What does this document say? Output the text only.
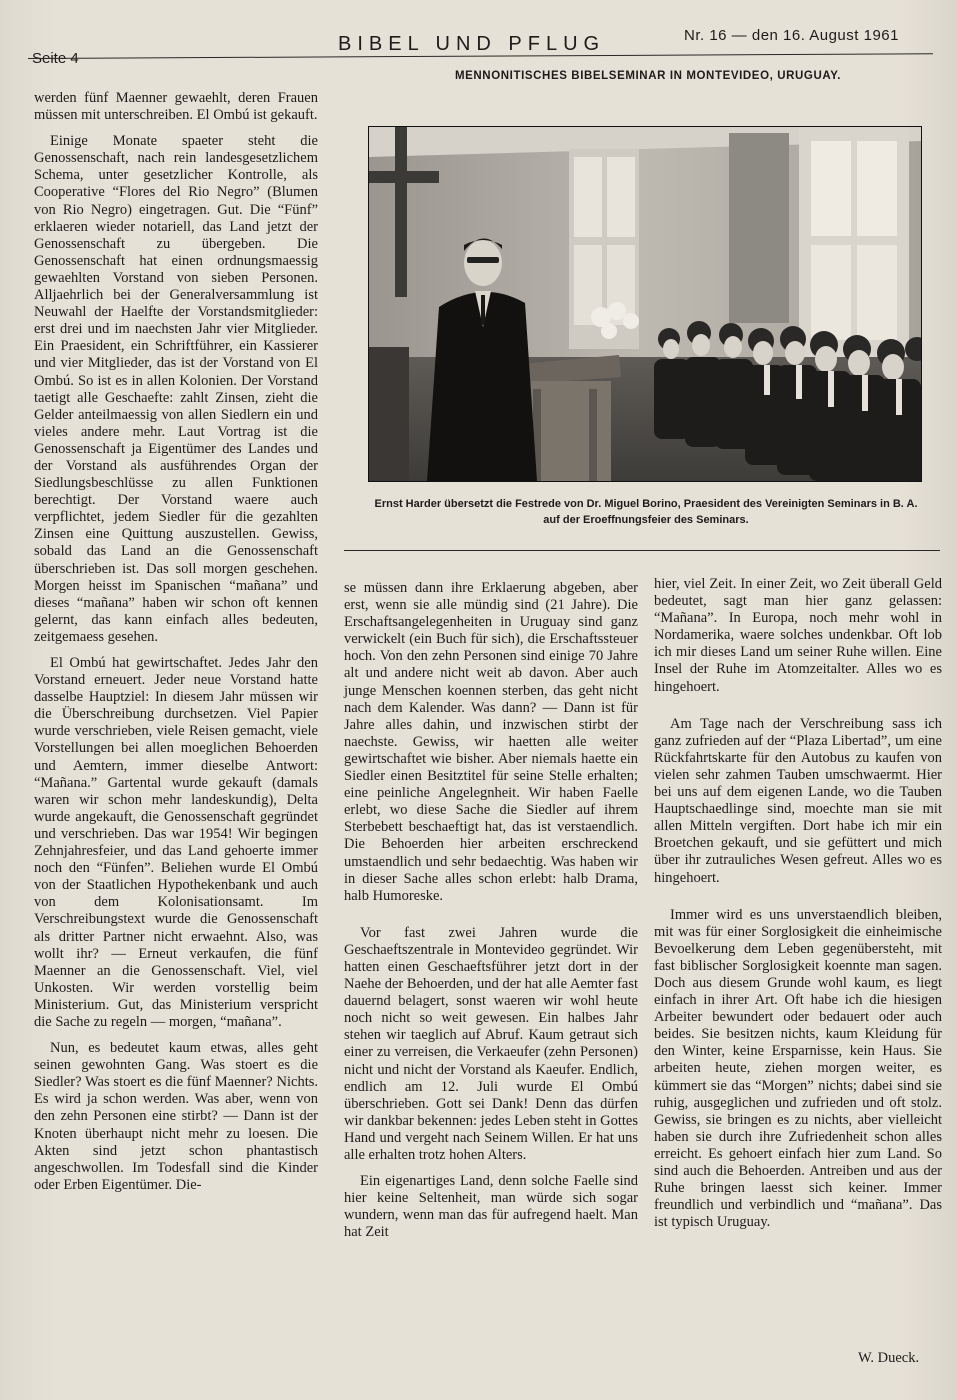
Seite 4
BIBEL UND PFLUG	Nr. 16 — den 16. August 1961
MENNONITISCHES BIBELSEMINAR IN MONTEVIDEO, URUGUAY.
Ernst Harder übersetzt die Festrede von Dr. Miguel Borino, Praesident des Vereinigten Seminars in B. A. auf der Eroeffnungsfeier des Seminars.

werden fünf Maenner gewaehlt, deren Frauen müssen mit unterschreiben. El Ombú ist gekauft.

Einige Monate spaeter steht die Genossenschaft, nach rein landesgesetzlichem Schema, unter gesetzlicher Kontrolle, als Cooperative “Flores del Rio Negro” (Blumen von Rio Negro) eingetragen. Gut. Die “Fünf” erklaeren wieder notariell, das Land jetzt der Genossenschaft zu übergeben. Die Genossenschaft hat einen ordnungsmaessig gewaehlten Vorstand von sieben Personen. Alljaehrlich bei der Generalversammlung ist Neuwahl der Haelfte der Vorstandsmitglieder: erst drei und im naechsten Jahr vier Mitglieder. Ein Praesident, ein Schriftführer, ein Kassierer und vier Mitglieder, das ist der Vorstand von El Ombú. So ist es in allen Kolonien. Der Vorstand taetigt alle Geschaefte: zahlt Zinsen, zieht die Gelder anteilmaessig von allen Siedlern ein und vieles andere mehr. Laut Vortrag ist die Genossenschaft ja Eigentümer des Landes und der Vorstand als ausführendes Organ der Siedlungsbeschlüsse zu allen Funktionen berechtigt. Der Vorstand waere auch verpflichtet, jedem Siedler für die gezahlten Zinsen eine Quittung auszustellen. Gewiss, sobald das Land an die Genossenschaft überschrieben ist. Das soll morgen geschehen. Morgen heisst im Spanischen “mañana” und dieses “mañana” haben wir schon oft kennen gelernt, das kann einfach alles bedeuten, zeitgemaess gesehen.

El Ombú hat gewirtschaftet. Jedes Jahr den Vorstand erneuert. Jeder neue Vorstand hatte dasselbe Hauptziel: In diesem Jahr müssen wir die Überschreibung durchsetzen. Viel Papier wurde verschrieben, viele Reisen gemacht, viele Vorstellungen bei allen moeglichen Behoerden und Aemtern, immer dieselbe Antwort: “Mañana.” Gartental wurde gekauft (damals waren wir schon mehr landeskundig), Delta wurde angekauft, die Genossenschaft gegründet und verschrieben. Das war 1954! Wir begingen Zehnjahresfeier, und das Land gehoerte immer noch den “Fünfen”. Beliehen wurde El Ombú von der Staatlichen Hypothekenbank und auch von dem Kolonisationsamt. Im Verschreibungstext wurde die Genossenschaft als dritter Partner nicht erwaehnt. Also, was wollt ihr? — Erneut verkaufen, die fünf Maenner an die Genossenschaft. Viel, viel Unkosten. Wir werden vorstellig beim Ministerium. Gut, das Ministerium verspricht die Sache zu regeln — morgen, “mañana”.

Nun, es bedeutet kaum etwas, alles geht seinen gewohnten Gang. Was stoert es die Siedler? Was stoert es die fünf Maenner? Nichts. Es wird ja schon werden. Was aber, wenn von den zehn Personen eine stirbt? — Dann ist der Knoten überhaupt nicht mehr zu loesen. Die Akten sind jetzt schon phantastisch angeschwollen. Im Todesfall sind die Kinder oder Erben Eigentümer. Die-

se müssen dann ihre Erklaerung abgeben, aber erst, wenn sie alle mündig sind (21 Jahre). Die Erschaftsangelegenheiten in Uruguay sind ganz verwickelt (ein Buch für sich), die Erschaftssteuer hoch. Von den zehn Personen sind einige 70 Jahre alt und andere nicht weit ab davon. Aber auch junge Menschen koennen sterben, das geht nicht nach dem Kalender. Was dann? — Dann ist für Jahre alles dahin, und inzwischen stirbt der naechste. Gewiss, wir haetten alle weiter gewirtschaftet wie bisher. Aber niemals haette ein Siedler einen Besitztitel für seine Stelle erhalten; eine peinliche Angelegnheit. Wir haben Faelle erlebt, wo diese Sache die Siedler auf ihrem Sterbebett beschaeftigt hat, das ist verstaendlich. Die Behoerden hier arbeiten erschreckend umstaendlich und sehr bedaechtig. Was haben wir in dieser Sache alles schon erlebt: halb Drama, halb Humoreske.

Vor fast zwei Jahren wurde die Geschaeftszentrale in Montevideo gegründet. Wir hatten einen Geschaeftsführer jetzt dort in der Naehe der Behoerden, und der hat alle Aemter fast dauernd belagert, sonst waeren wir wohl heute noch nicht so weit gewesen. Ein halbes Jahr stehen wir taeglich auf Abruf. Kaum getraut sich einer zu verreisen, die Verkaeufer (zehn Personen) nicht und nicht der Vorstand als Kaeufer. Endlich, endlich am 12. Juli wurde El Ombú überschrieben. Gott sei Dank! Denn das dürfen wir dankbar bekennen: jedes Leben steht in Gottes Hand und vergeht nach Seinem Willen. Er hat uns alle erhalten trotz hohen Alters.

Ein eigenartiges Land, denn solche Faelle sind hier keine Seltenheit, man würde sich sogar wundern, wenn man das für aufregend haelt. Man hat Zeit

hier, viel Zeit. In einer Zeit, wo Zeit überall Geld bedeutet, sagt man hier ganz gelassen: “Mañana”. In Europa, noch mehr wohl in Nordamerika, waere solches undenkbar. Oft lob ich mir dieses Land um seiner Ruhe willen. Eine Insel der Ruhe im Atomzeitalter. Alles wo es hingehoert.

Am Tage nach der Verschreibung sass ich ganz zufrieden auf der “Plaza Libertad”, um eine Rückfahrtskarte für den Autobus zu kaufen von vielen sehr zahmen Tauben umschwaermt. Hier bei uns auf dem eigenen Lande, wo die Tauben Hauptschaedlinge sind, moechte man sie mit allen Mitteln vergiften. Dort habe ich mir ein Broetchen gekauft, und sie gefüttert und mich über ihr zutrauliches Wesen gefreut. Alles wo es hingehoert.

Immer wird es uns unverstaendlich bleiben, mit was für einer Sorglosigkeit die einheimische Bevoelkerung dem Leben gegenübersteht, mit fast biblischer Sorglosigkeit koennte man sagen. Doch aus diesem Grunde wohl kaum, es liegt einfach in ihrer Art. Oft habe ich die hiesigen Arbeiter bewundert oder bedauert oder auch beides. Sie besitzen nichts, kaum Kleidung für den Winter, keine Ersparnisse, kein Haus. Sie arbeiten heute, ziehen morgen weiter, es kümmert sie das “Morgen” nichts; dabei sind sie ruhig, ausgeglichen und zufrieden und oft stolz. Gewiss, sie bringen es zu nichts, aber vielleicht haben sie durch ihre Zufriedenheit schon alles erreicht. Es gehoert einfach hier zum Land. So sind auch die Behoerden. Antreiben und aus der Ruhe bringen laesst sich keiner. Immer freundlich und verbindlich und “mañana”. Das ist typisch Uruguay.

W. Dueck.
